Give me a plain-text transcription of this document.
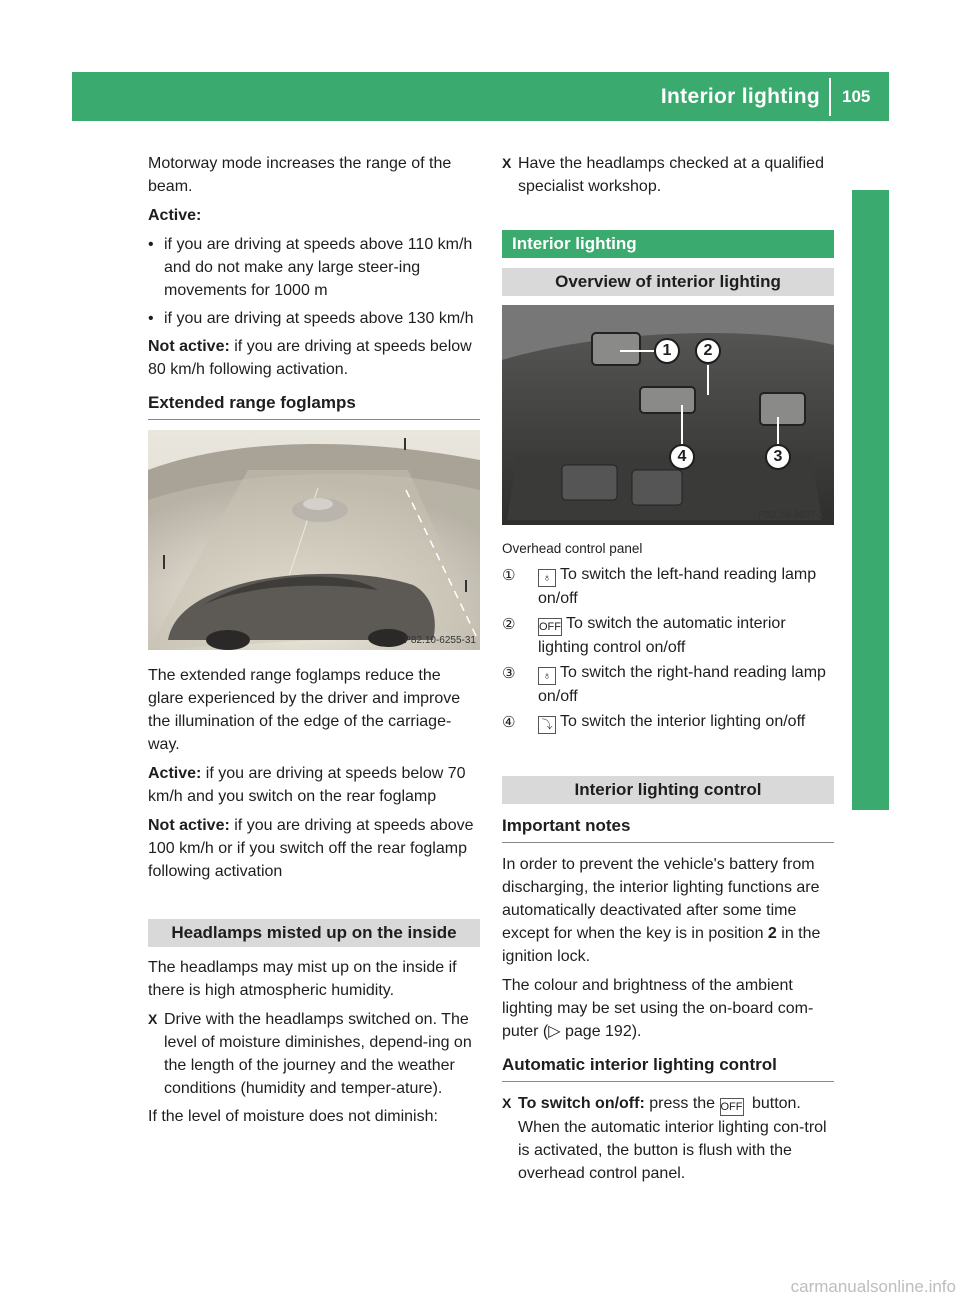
Interior lighting 105
Lights and windscreen wipers

Motorway mode increases the range of the beam.

Active:

• if you are driving at speeds above 110 km/h and do not make any large steer-ing movements for 1000 m
• if you are driving at speeds above 130 km/h

Not active: if you are driving at speeds below 80 km/h following activation.

Extended range foglamps
P82.10-6255-31

The extended range foglamps reduce the glare experienced by the driver and improve the illumination of the edge of the carriage-way.

Active: if you are driving at speeds below 70 km/h and you switch on the rear foglamp

Not active: if you are driving at speeds above 100 km/h or if you switch off the rear foglamp following activation

Headlamps misted up on the inside

The headlamps may mist up on the inside if there is high atmospheric humidity.

X Drive with the headlamps switched on. The level of moisture diminishes, depend-ing on the length of the journey and the weather conditions (humidity and temper-ature).

If the level of moisture does not diminish:

X Have the headlamps checked at a qualified specialist workshop.
Interior lighting
Overview of interior lighting
1	2
3
4
P82.20-3637-31
Overhead control panel
① ♁ To switch the left-hand reading lamp on/off
② OFF To switch the automatic interior lighting control on/off
③ ♁ To switch the right-hand reading lamp on/off
④ ⤵ To switch the interior lighting on/off
Interior lighting control
Important notes

In order to prevent the vehicle's battery from discharging, the interior lighting functions are automatically deactivated after some time except for when the key is in position 2 in the ignition lock.

The colour and brightness of the ambient lighting may be set using the on-board com-puter (▷ page 192).

Automatic interior lighting control
X To switch on/off: press the OFF button. When the automatic interior lighting con-trol is activated, the button is flush with the overhead control panel.
carmanualsonline.info
